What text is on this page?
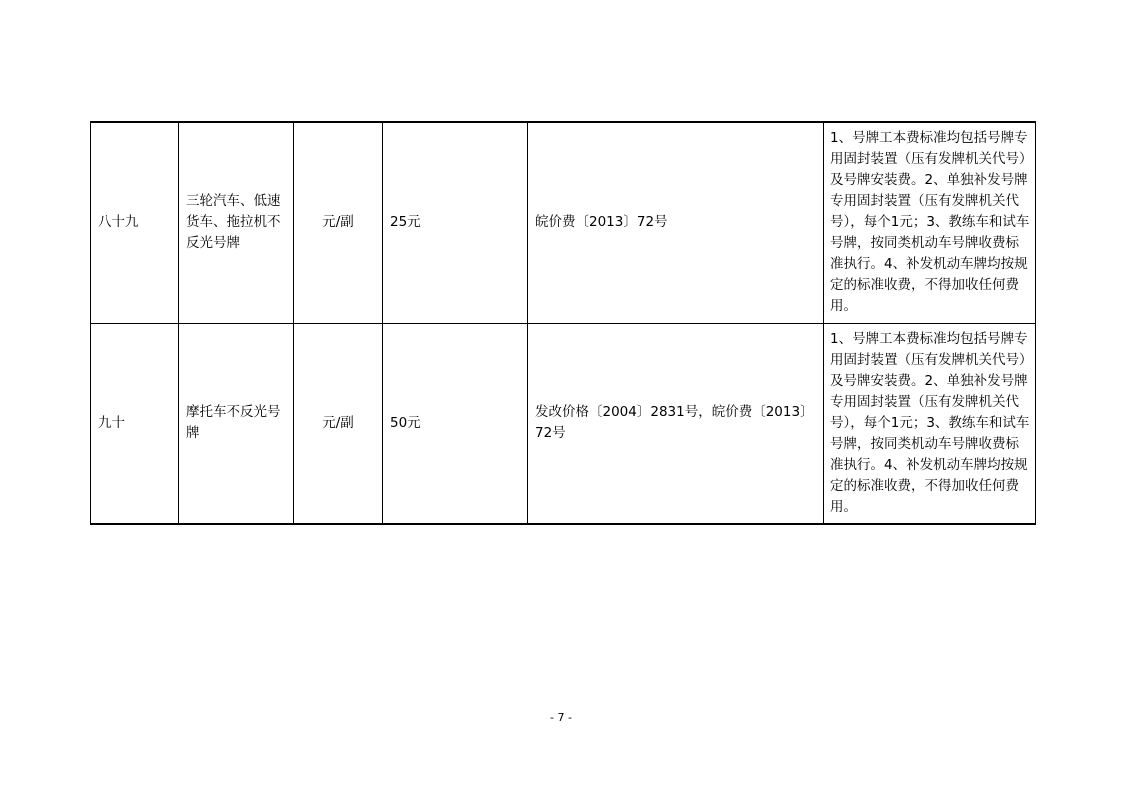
八十九	三轮汽车、低速货车、拖拉机不反光号牌	元/副	25元	皖价费〔2013〕72号	1、号牌工本费标准均包括号牌专用固封装置（压有发牌机关代号）及号牌安装费。2、单独补发号牌专用固封装置（压有发牌机关代号），每个1元；3、教练车和试车号牌，按同类机动车号牌收费标准执行。4、补发机动车牌均按规定的标准收费，不得加收任何费用。
九十	摩托车不反光号牌	元/副	50元	发改价格〔2004〕2831号，皖价费〔2013〕72号	1、号牌工本费标准均包括号牌专用固封装置（压有发牌机关代号）及号牌安装费。2、单独补发号牌专用固封装置（压有发牌机关代号），每个1元；3、教练车和试车号牌，按同类机动车号牌收费标准执行。4、补发机动车牌均按规定的标准收费，不得加收任何费用。
- 7 -
